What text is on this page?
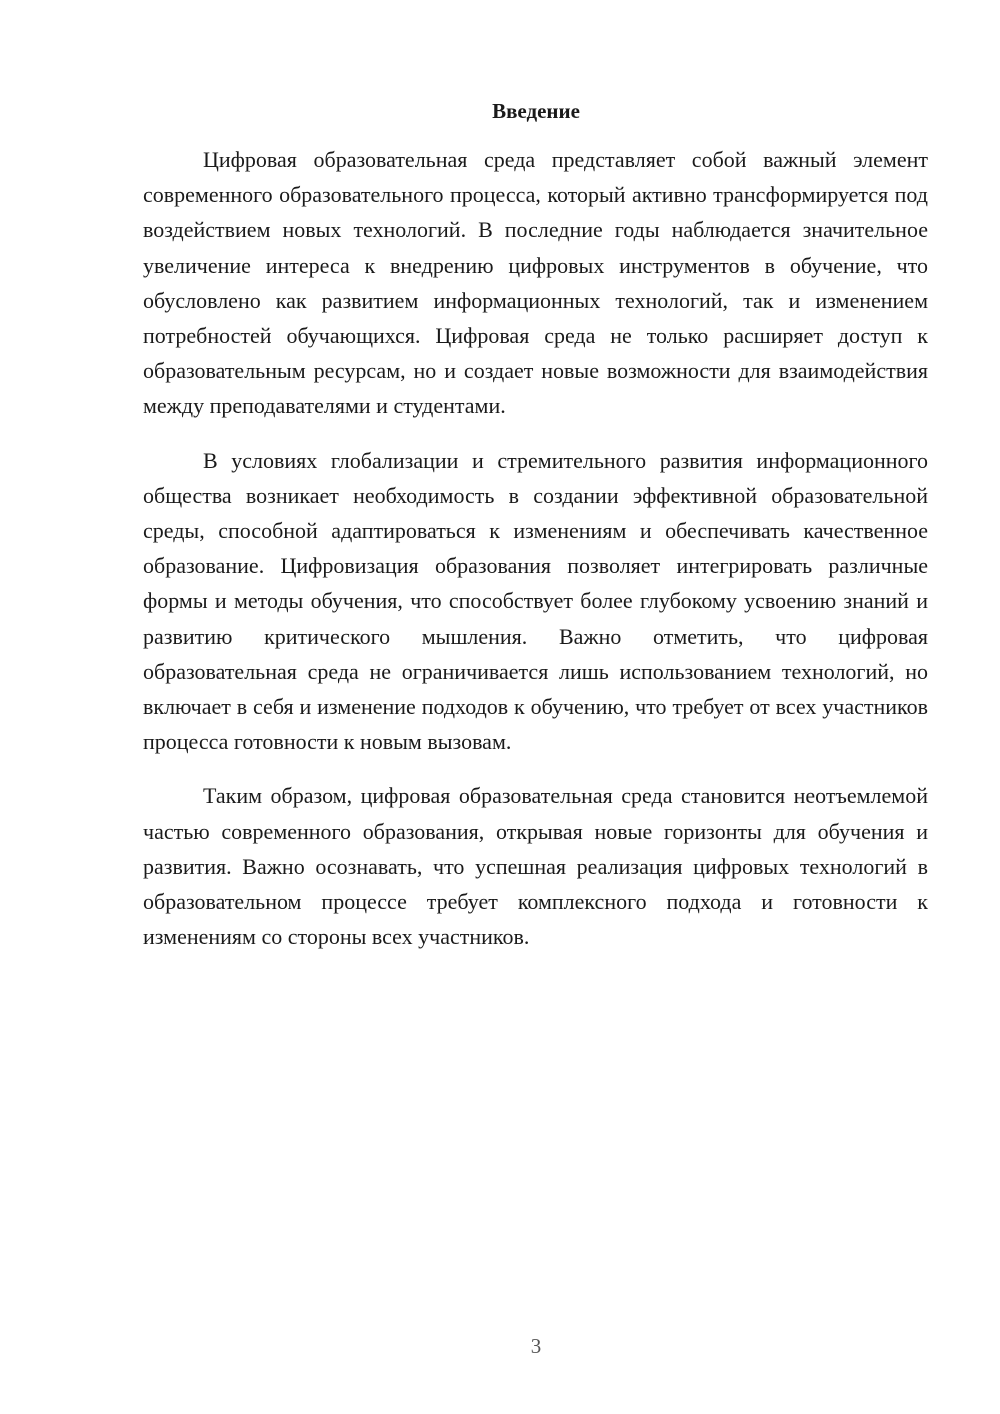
Введение

Цифровая образовательная среда представляет собой важный элемент современного образовательного процесса, который активно трансформируется под воздействием новых технологий. В последние годы наблюдается значительное увеличение интереса к внедрению цифровых инструментов в обучение, что обусловлено как развитием информационных технологий, так и изменением потребностей обучающихся. Цифровая среда не только расширяет доступ к образовательным ресурсам, но и создает новые возможности для взаимодействия между преподавателями и студентами.

В условиях глобализации и стремительного развития информационного общества возникает необходимость в создании эффективной образовательной среды, способной адаптироваться к изменениям и обеспечивать качественное образование. Цифровизация образования позволяет интегрировать различные формы и методы обучения, что способствует более глубокому усвоению знаний и развитию критического мышления. Важно отметить, что цифровая образовательная среда не ограничивается лишь использованием технологий, но включает в себя и изменение подходов к обучению, что требует от всех участников процесса готовности к новым вызовам.

Таким образом, цифровая образовательная среда становится неотъемлемой частью современного образования, открывая новые горизонты для обучения и развития. Важно осознавать, что успешная реализация цифровых технологий в образовательном процессе требует комплексного подхода и готовности к изменениям со стороны всех участников.

3
